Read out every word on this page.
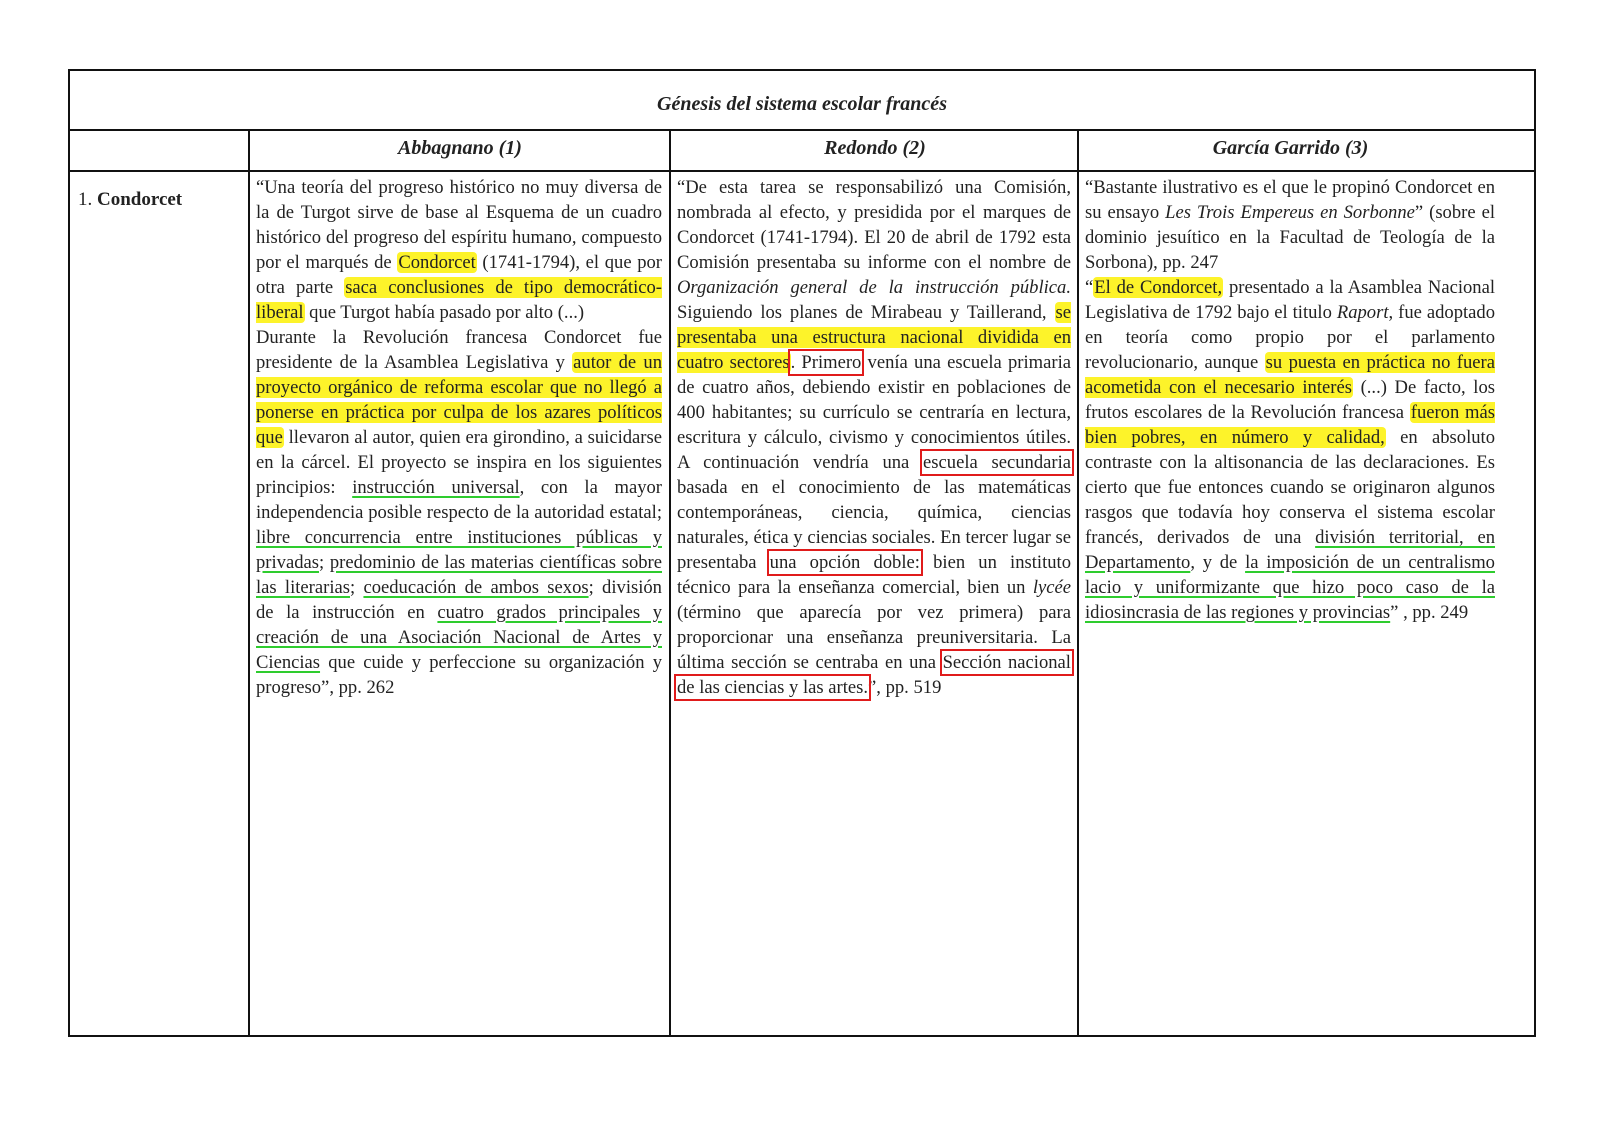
Génesis del sistema escolar francés
Abbagnano (1)	Redondo (2)	García Garrido (3)
1. Condorcet
“Una teoría del progreso histórico no muy diversa de la de Turgot sirve de base al Esquema de un cuadro histórico del progreso del espíritu humano, compuesto por el marqués de Condorcet (1741-1794), el que por otra parte saca conclusiones de tipo democrático-liberal que Turgot había pasado por alto (...)
Durante la Revolución francesa Condorcet fue presidente de la Asamblea Legislativa y autor de un proyecto orgánico de reforma escolar que no llegó a ponerse en práctica por culpa de los azares políticos que llevaron al autor, quien era girondino, a suicidarse en la cárcel. El proyecto se inspira en los siguientes principios: instrucción universal, con la mayor independencia posible respecto de la autoridad estatal; libre concurrencia entre instituciones públicas y privadas; predominio de las materias científicas sobre las literarias; coeducación de ambos sexos; división de la instrucción en cuatro grados principales y creación de una Asociación Nacional de Artes y Ciencias que cuide y perfeccione su organización y progreso”, pp. 262
“De esta tarea se responsabilizó una Comisión, nombrada al efecto, y presidida por el marques de Condorcet (1741-1794). El 20 de abril de 1792 esta Comisión presentaba su informe con el nombre de Organización general de la instrucción pública. Siguiendo los planes de Mirabeau y Taillerand, se presentaba una estructura nacional dividida en cuatro sectores. Primero venía una escuela primaria de cuatro años, debiendo existir en poblaciones de 400 habitantes; su currículo se centraría en lectura, escritura y cálculo, civismo y conocimientos útiles. A continuación vendría una escuela secundaria basada en el conocimiento de las matemáticas contemporáneas, ciencia, química, ciencias naturales, ética y ciencias sociales. En tercer lugar se presentaba una opción doble: bien un instituto técnico para la enseñanza comercial, bien un lycée (término que aparecía por vez primera) para proporcionar una enseñanza preuniversitaria. La última sección se centraba en una Sección nacional de las ciencias y las artes.”, pp. 519
“Bastante ilustrativo es el que le propinó Condorcet en su ensayo Les Trois Empereus en Sorbonne” (sobre el dominio jesuítico en la Facultad de Teología de la Sorbona), pp. 247
“El de Condorcet, presentado a la Asamblea Nacional Legislativa de 1792 bajo el titulo Raport, fue adoptado en teoría como propio por el parlamento revolucionario, aunque su puesta en práctica no fuera acometida con el necesario interés (...) De facto, los frutos escolares de la Revolución francesa fueron más bien pobres, en número y calidad, en absoluto contraste con la altisonancia de las declaraciones. Es cierto que fue entonces cuando se originaron algunos rasgos que todavía hoy conserva el sistema escolar francés, derivados de una división territorial, en Departamento, y de la imposición de un centralismo lacio y uniformizante que hizo poco caso de la idiosincrasia de las regiones y provincias” , pp. 249
